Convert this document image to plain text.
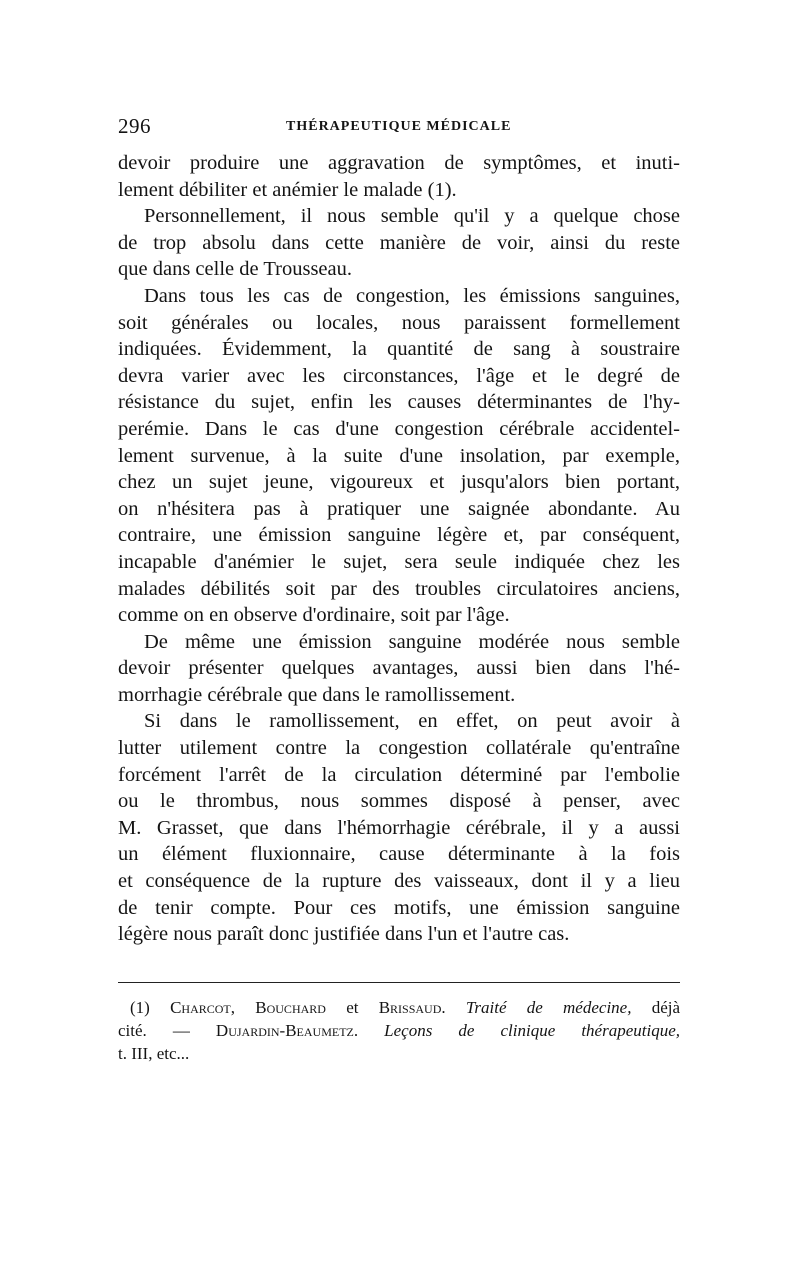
296	THÉRAPEUTIQUE MÉDICALE
devoir produire une aggravation de symptômes, et inuti-
lement débiliter et anémier le malade (1).
Personnellement, il nous semble qu'il y a quelque chose
de trop absolu dans cette manière de voir, ainsi du reste
que dans celle de Trousseau.
Dans tous les cas de congestion, les émissions sanguines,
soit générales ou locales, nous paraissent formellement
indiquées. Évidemment, la quantité de sang à soustraire
devra varier avec les circonstances, l'âge et le degré de
résistance du sujet, enfin les causes déterminantes de l'hy-
perémie. Dans le cas d'une congestion cérébrale accidentel-
lement survenue, à la suite d'une insolation, par exemple,
chez un sujet jeune, vigoureux et jusqu'alors bien portant,
on n'hésitera pas à pratiquer une saignée abondante. Au
contraire, une émission sanguine légère et, par conséquent,
incapable d'anémier le sujet, sera seule indiquée chez les
malades débilités soit par des troubles circulatoires anciens,
comme on en observe d'ordinaire, soit par l'âge.
De même une émission sanguine modérée nous semble
devoir présenter quelques avantages, aussi bien dans l'hé-
morrhagie cérébrale que dans le ramollissement.
Si dans le ramollissement, en effet, on peut avoir à
lutter utilement contre la congestion collatérale qu'entraîne
forcément l'arrêt de la circulation déterminé par l'embolie
ou le thrombus, nous sommes disposé à penser, avec
M. Grasset, que dans l'hémorrhagie cérébrale, il y a aussi
un élément fluxionnaire, cause déterminante à la fois
et conséquence de la rupture des vaisseaux, dont il y a lieu
de tenir compte. Pour ces motifs, une émission sanguine
légère nous paraît donc justifiée dans l'un et l'autre cas.
(1) Charcot, Bouchard et Brissaud. Traité de médecine, déjà
cité. — Dujardin-Beaumetz. Leçons de clinique thérapeutique,
t. III, etc...
